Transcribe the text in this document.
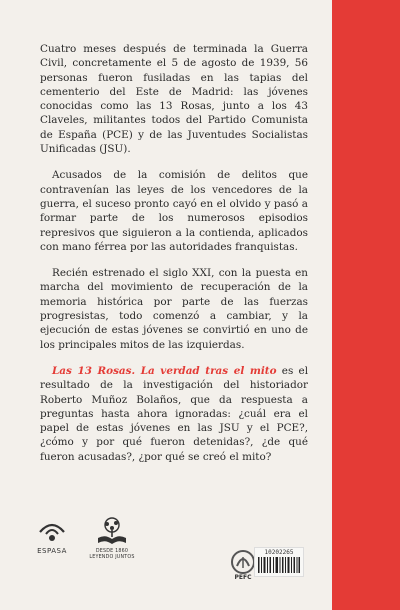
Cuatro meses después de terminada la Guerra Civil, concretamente el 5 de agosto de 1939, 56 personas fueron fusiladas en las tapias del cementerio del Este de Madrid: las jóvenes conocidas como las 13 Rosas, junto a los 43 Claveles, militantes todos del Partido Comunista de España (PCE) y de las Juventudes Socialistas Unificadas (JSU).

Acusados de la comisión de delitos que contravenían las leyes de los vencedores de la guerra, el suceso pronto cayó en el olvido y pasó a formar parte de los numerosos episodios represivos que siguieron a la contienda, aplicados con mano férrea por las autoridades franquistas.

Recién estrenado el siglo XXI, con la puesta en marcha del movimiento de recuperación de la memoria histórica por parte de las fuerzas progresistas, todo comenzó a cambiar, y la ejecución de estas jóvenes se convirtió en uno de los principales mitos de las izquierdas.

Las 13 Rosas. La verdad tras el mito es el resultado de la investigación del historiador Roberto Muñoz Bolaños, que da respuesta a preguntas hasta ahora ignoradas: ¿cuál era el papel de estas jóvenes en las JSU y el PCE?, ¿cómo y por qué fueron detenidas?, ¿de qué fueron acusadas?, ¿por qué se creó el mito?

ESPASA	DESDE 1860
LEYENDO JUNTOS
PEFC
10202265
